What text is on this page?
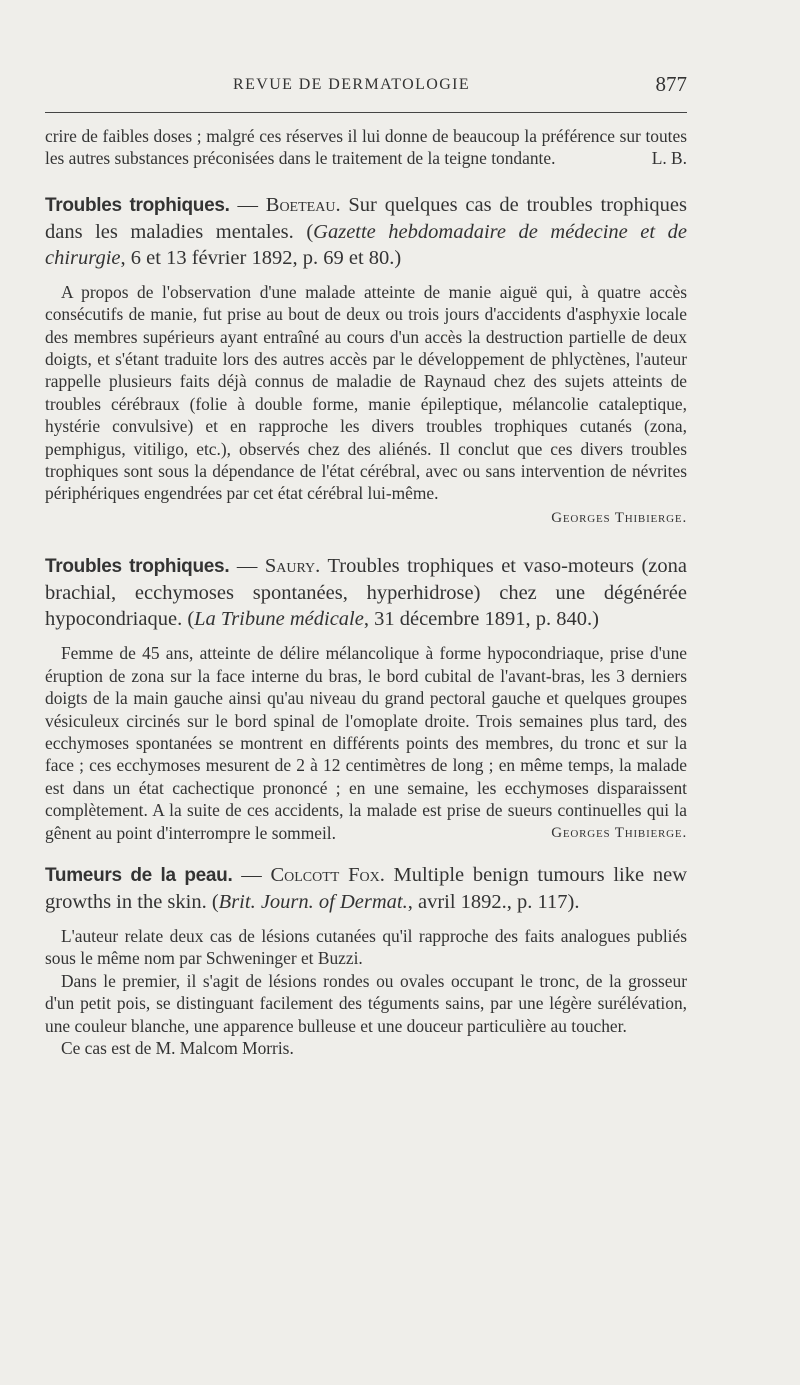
REVUE DE DERMATOLOGIE	877

crire de faibles doses ; malgré ces réserves il lui donne de beaucoup la préférence sur toutes les autres substances préconisées dans le traitement de la teigne tondante.	L. B.

Troubles trophiques. — Boeteau. Sur quelques cas de troubles trophiques dans les maladies mentales. (Gazette hebdomadaire de médecine et de chirurgie, 6 et 13 février 1892, p. 69 et 80.)

A propos de l'observation d'une malade atteinte de manie aiguë qui, à quatre accès consécutifs de manie, fut prise au bout de deux ou trois jours d'accidents d'asphyxie locale des membres supérieurs ayant entraîné au cours d'un accès la destruction partielle de deux doigts, et s'étant traduite lors des autres accès par le développement de phlyctènes, l'auteur rappelle plusieurs faits déjà connus de maladie de Raynaud chez des sujets atteints de troubles cérébraux (folie à double forme, manie épileptique, mélancolie cataleptique, hystérie convulsive) et en rapproche les divers troubles trophiques cutanés (zona, pemphigus, vitiligo, etc.), observés chez des aliénés. Il conclut que ces divers troubles trophiques sont sous la dépendance de l'état cérébral, avec ou sans intervention de névrites périphériques engendrées par cet état cérébral lui-même.

Georges Thibierge.

Troubles trophiques. — Saury. Troubles trophiques et vaso-moteurs (zona brachial, ecchymoses spontanées, hyperhidrose) chez une dégénérée hypocondriaque. (La Tribune médicale, 31 décembre 1891, p. 840.)

Femme de 45 ans, atteinte de délire mélancolique à forme hypocondriaque, prise d'une éruption de zona sur la face interne du bras, le bord cubital de l'avant-bras, les 3 derniers doigts de la main gauche ainsi qu'au niveau du grand pectoral gauche et quelques groupes vésiculeux circinés sur le bord spinal de l'omoplate droite. Trois semaines plus tard, des ecchymoses spontanées se montrent en différents points des membres, du tronc et sur la face ; ces ecchymoses mesurent de 2 à 12 centimètres de long ; en même temps, la malade est dans un état cachectique prononcé ; en une semaine, les ecchymoses disparaissent complètement. A la suite de ces accidents, la malade est prise de sueurs continuelles qui la gênent au point d'interrompre le sommeil.	Georges Thibierge.

Tumeurs de la peau. — Colcott Fox. Multiple benign tumours like new growths in the skin. (Brit. Journ. of Dermat., avril 1892., p. 117).

L'auteur relate deux cas de lésions cutanées qu'il rapproche des faits analogues publiés sous le même nom par Schweninger et Buzzi.

Dans le premier, il s'agit de lésions rondes ou ovales occupant le tronc, de la grosseur d'un petit pois, se distinguant facilement des téguments sains, par une légère surélévation, une couleur blanche, une apparence bulleuse et une douceur particulière au toucher.

Ce cas est de M. Malcom Morris.
